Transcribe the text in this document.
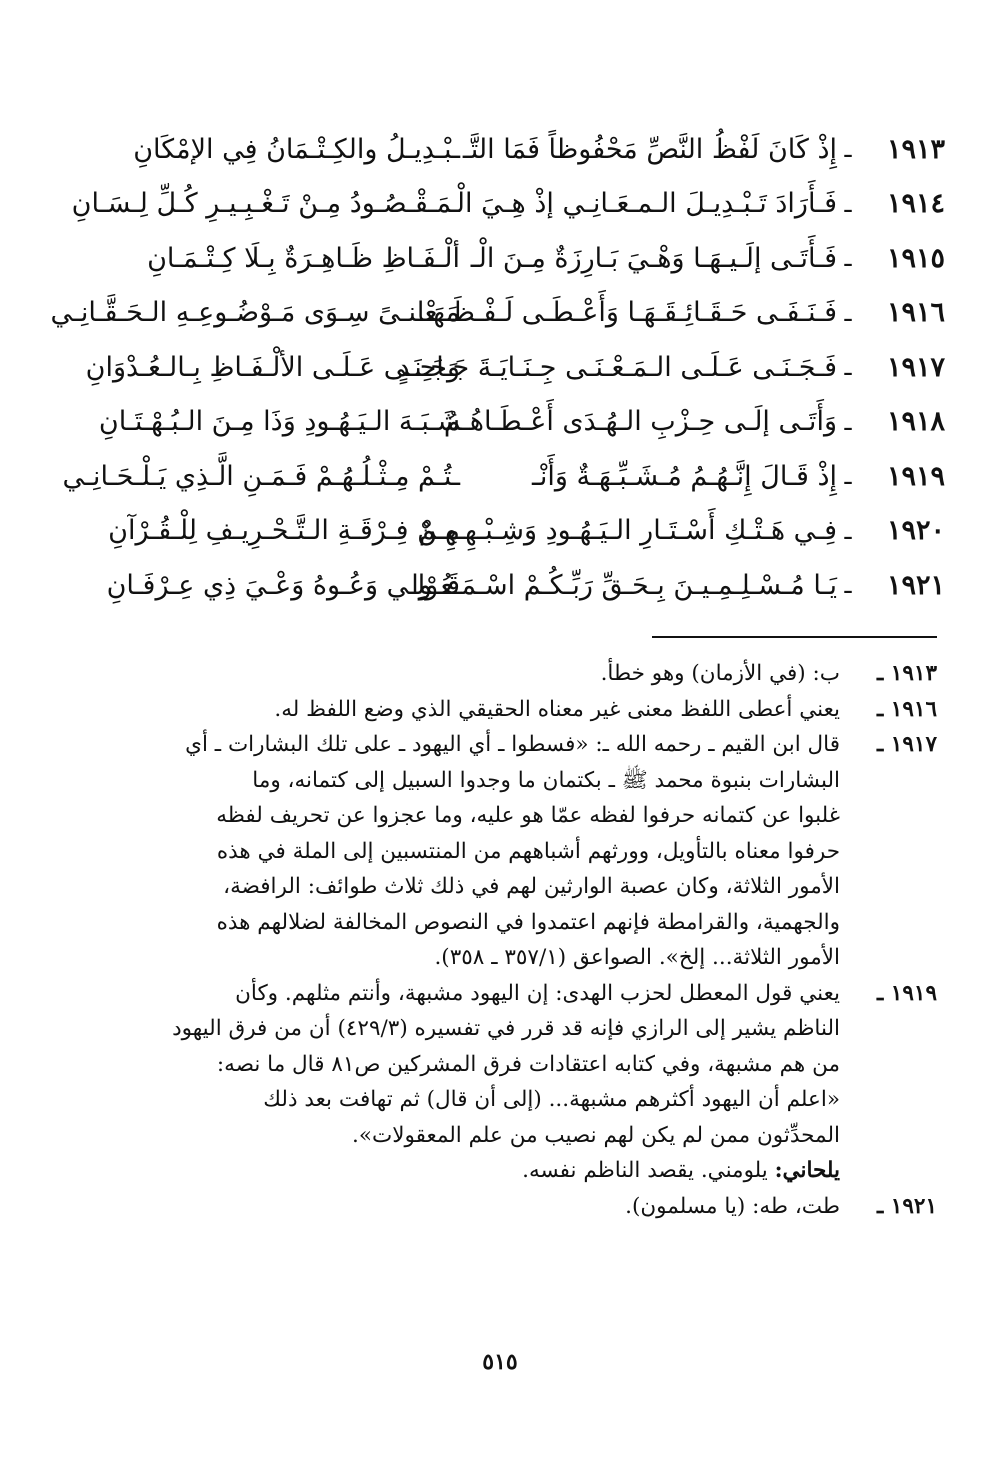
١٩١٣
ـ
إِذْ كَانَ لَفْظُ النَّصِّ مَحْفُوظاً فَمَا التَّـ
ـبْـدِيـلُ والكِـتْـمَانُ فِي الإمْكَانِ
١٩١٤
ـ
فَـأَرَادَ تَـبْـدِيـلَ الـمـعَـانِـي إذْ هِـيَ الْـ
ـمَـقْـصُـودُ مِـنْ تَـغْـبِـيـرِ كُـلِّ لِـسَـانِ
١٩١٥
ـ
فَـأَتَـى إلَـيـهَـا وَهْـيَ بَـارِزَةٌ مِـنَ الْـ
ألْـفَـاظِ ظَـاهِـرَةٌ بِـلَا كِـتْـمَـانِ
١٩١٦
ـ
فَـنَـفَـى حَـقَـائِـقَـهَـا وَأَعْـطَـى لَـفْـظَـهَـا
مَـعْـنـىً سِـوَى مَـوْضُـوعِـهِ الـحَـقَّـانِـي
١٩١٧
ـ
فَـجَـنَـى عَـلَـى الـمَـعْـنَـى جِـنَـايَـةَ جَـاحِـدٍ
وَجَـنَـى عَـلَـى الألْـفَـاظِ بِـالـعُـدْوَانِ
١٩١٨
ـ
وَأَتَـى إلَـى حِـزْبِ الـهُـدَى أَعْـطَـاهُـمُ
شَـبَـهَ الـيَـهُـودِ وَذَا مِـنَ الـبُـهْـتَـانِ
١٩١٩
ـ
إِذْ قَـالَ إِنَّـهُـمُ مُـشَـبِّـهَـةٌ وَأَنْـ
ـتُـمْ مِـثْـلُـهُـمْ فَـمَـنِ الَّـذِي يَـلْـحَـانِـي
١٩٢٠
ـ
فِـي هَـتْـكِ أَسْـتَـارِ الـيَـهُـودِ وَشِـبْـهِـهِـمْ
مِـنْ فِـرْقَـةِ الـتَّـحْـرِيـفِ لِلْـقُـرْآنِ
١٩٢١
ـ
يَـا مُـسْـلِـمِـيـنَ بِـحَـقِّ رَبِّـكُـمْ اسْـمَـعُـوا
قَـوْلِـي وَعُـوهُ وَعْـيَ ذِي عِـرْفَـانِ
١٩١٣ ـ
ب: (في الأزمان) وهو خطأ.
١٩١٦ ـ
يعني أعطى اللفظ معنى غير معناه الحقيقي الذي وضع اللفظ له.
١٩١٧ ـ
قال ابن القيم ـ رحمه الله ـ: «فسطوا ـ أي اليهود ـ على تلك البشارات ـ أي
البشارات بنبوة محمد ﷺ ـ بكتمان ما وجدوا السبيل إلى كتمانه، وما
غلبوا عن كتمانه حرفوا لفظه عمّا هو عليه، وما عجزوا عن تحريف لفظه
حرفوا معناه بالتأويل، وورثهم أشباههم من المنتسبين إلى الملة في هذه
الأمور الثلاثة، وكان عصبة الوارثين لهم في ذلك ثلاث طوائف: الرافضة،
والجهمية، والقرامطة فإنهم اعتمدوا في النصوص المخالفة لضلالهم هذه
الأمور الثلاثة... إلخ». الصواعق (٣٥٧/١ ـ ٣٥٨).
١٩١٩ ـ
يعني قول المعطل لحزب الهدى: إن اليهود مشبهة، وأنتم مثلهم. وكأن
الناظم يشير إلى الرازي فإنه قد قرر في تفسيره (٤٢٩/٣) أن من فرق اليهود
من هم مشبهة، وفي كتابه اعتقادات فرق المشركين ص٨١ قال ما نصه:
«اعلم أن اليهود أكثرهم مشبهة... (إلى أن قال) ثم تهافت بعد ذلك
المحدِّثون ممن لم يكن لهم نصيب من علم المعقولات».
يلحاني: يلومني. يقصد الناظم نفسه.
١٩٢١ ـ
طت، طه: (يا مسلمون).
٥١٥
